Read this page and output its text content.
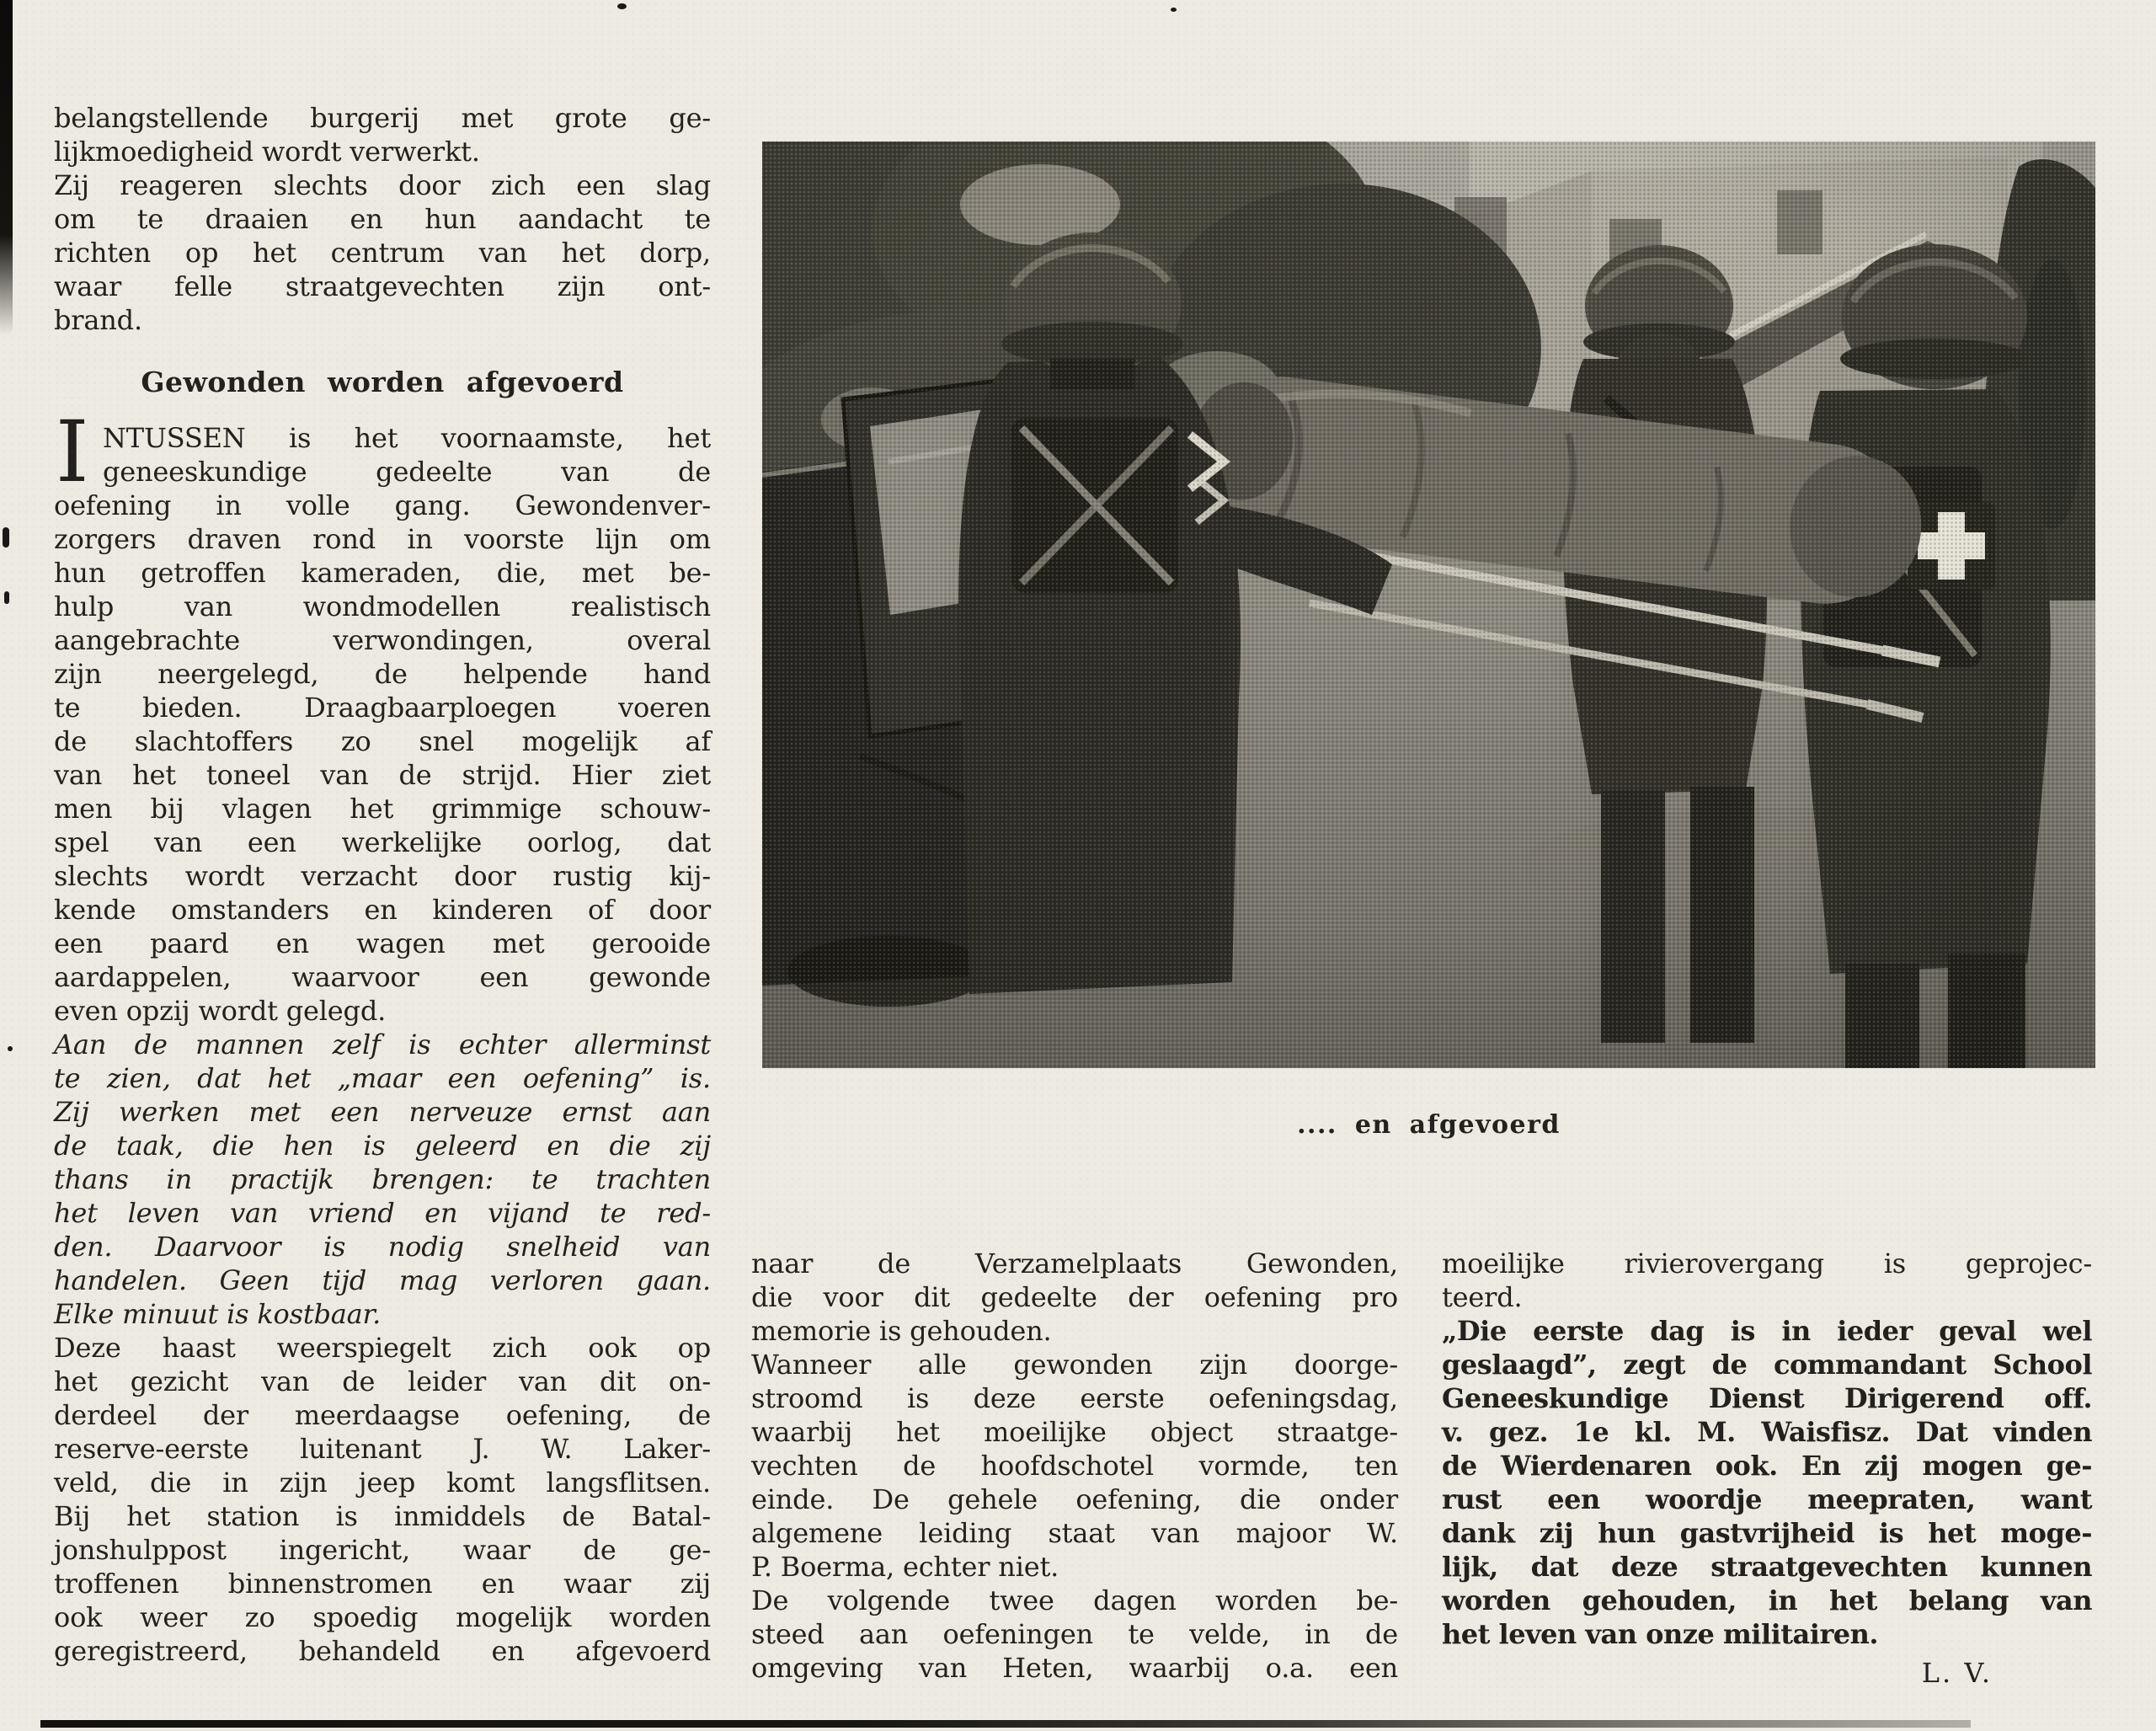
belangstellende burgerij met grote ge-
lijkmoedigheid wordt verwerkt.
Zij reageren slechts door zich een slag
om te draaien en hun aandacht te
richten op het centrum van het dorp,
waar felle straatgevechten zijn ont-
brand.
Gewonden worden afgevoerd
I NTUSSEN is het voornaamste, het
geneeskundige gedeelte van de
oefening in volle gang. Gewondenver-
zorgers draven rond in voorste lijn om
hun getroffen kameraden, die, met be-
hulp van wondmodellen realistisch
aangebrachte verwondingen, overal
zijn neergelegd, de helpende hand
te bieden. Draagbaarploegen voeren
de slachtoffers zo snel mogelijk af
van het toneel van de strijd. Hier ziet
men bij vlagen het grimmige schouw-
spel van een werkelijke oorlog, dat
slechts wordt verzacht door rustig kij-
kende omstanders en kinderen of door
een paard en wagen met gerooide
aardappelen, waarvoor een gewonde
even opzij wordt gelegd.
Aan de mannen zelf is echter allerminst
te zien, dat het „maar een oefening” is.
Zij werken met een nerveuze ernst aan
de taak, die hen is geleerd en die zij
thans in practijk brengen: te trachten
het leven van vriend en vijand te red-
den. Daarvoor is nodig snelheid van
handelen. Geen tijd mag verloren gaan.
Elke minuut is kostbaar.
Deze haast weerspiegelt zich ook op
het gezicht van de leider van dit on-
derdeel der meerdaagse oefening, de
reserve-eerste luitenant J. W. Laker-
veld, die in zijn jeep komt langsflitsen.
Bij het station is inmiddels de Batal-
jonshulppost ingericht, waar de ge-
troffenen binnenstromen en waar zij
ook weer zo spoedig mogelijk worden
geregistreerd, behandeld en afgevoerd
.... en afgevoerd
naar de Verzamelplaats Gewonden,
die voor dit gedeelte der oefening pro
memorie is gehouden.
Wanneer alle gewonden zijn doorge-
stroomd is deze eerste oefeningsdag,
waarbij het moeilijke object straatge-
vechten de hoofdschotel vormde, ten
einde. De gehele oefening, die onder
algemene leiding staat van majoor W.
P. Boerma, echter niet.
De volgende twee dagen worden be-
steed aan oefeningen te velde, in de
omgeving van Heten, waarbij o.a. een
moeilijke rivierovergang is geprojec-
teerd.
„Die eerste dag is in ieder geval wel
geslaagd”, zegt de commandant School
Geneeskundige Dienst Dirigerend off.
v. gez. 1e kl. M. Waisfisz. Dat vinden
de Wierdenaren ook. En zij mogen ge-
rust een woordje meepraten, want
dank zij hun gastvrijheid is het moge-
lijk, dat deze straatgevechten kunnen
worden gehouden, in het belang van
het leven van onze militairen.
L. V.
